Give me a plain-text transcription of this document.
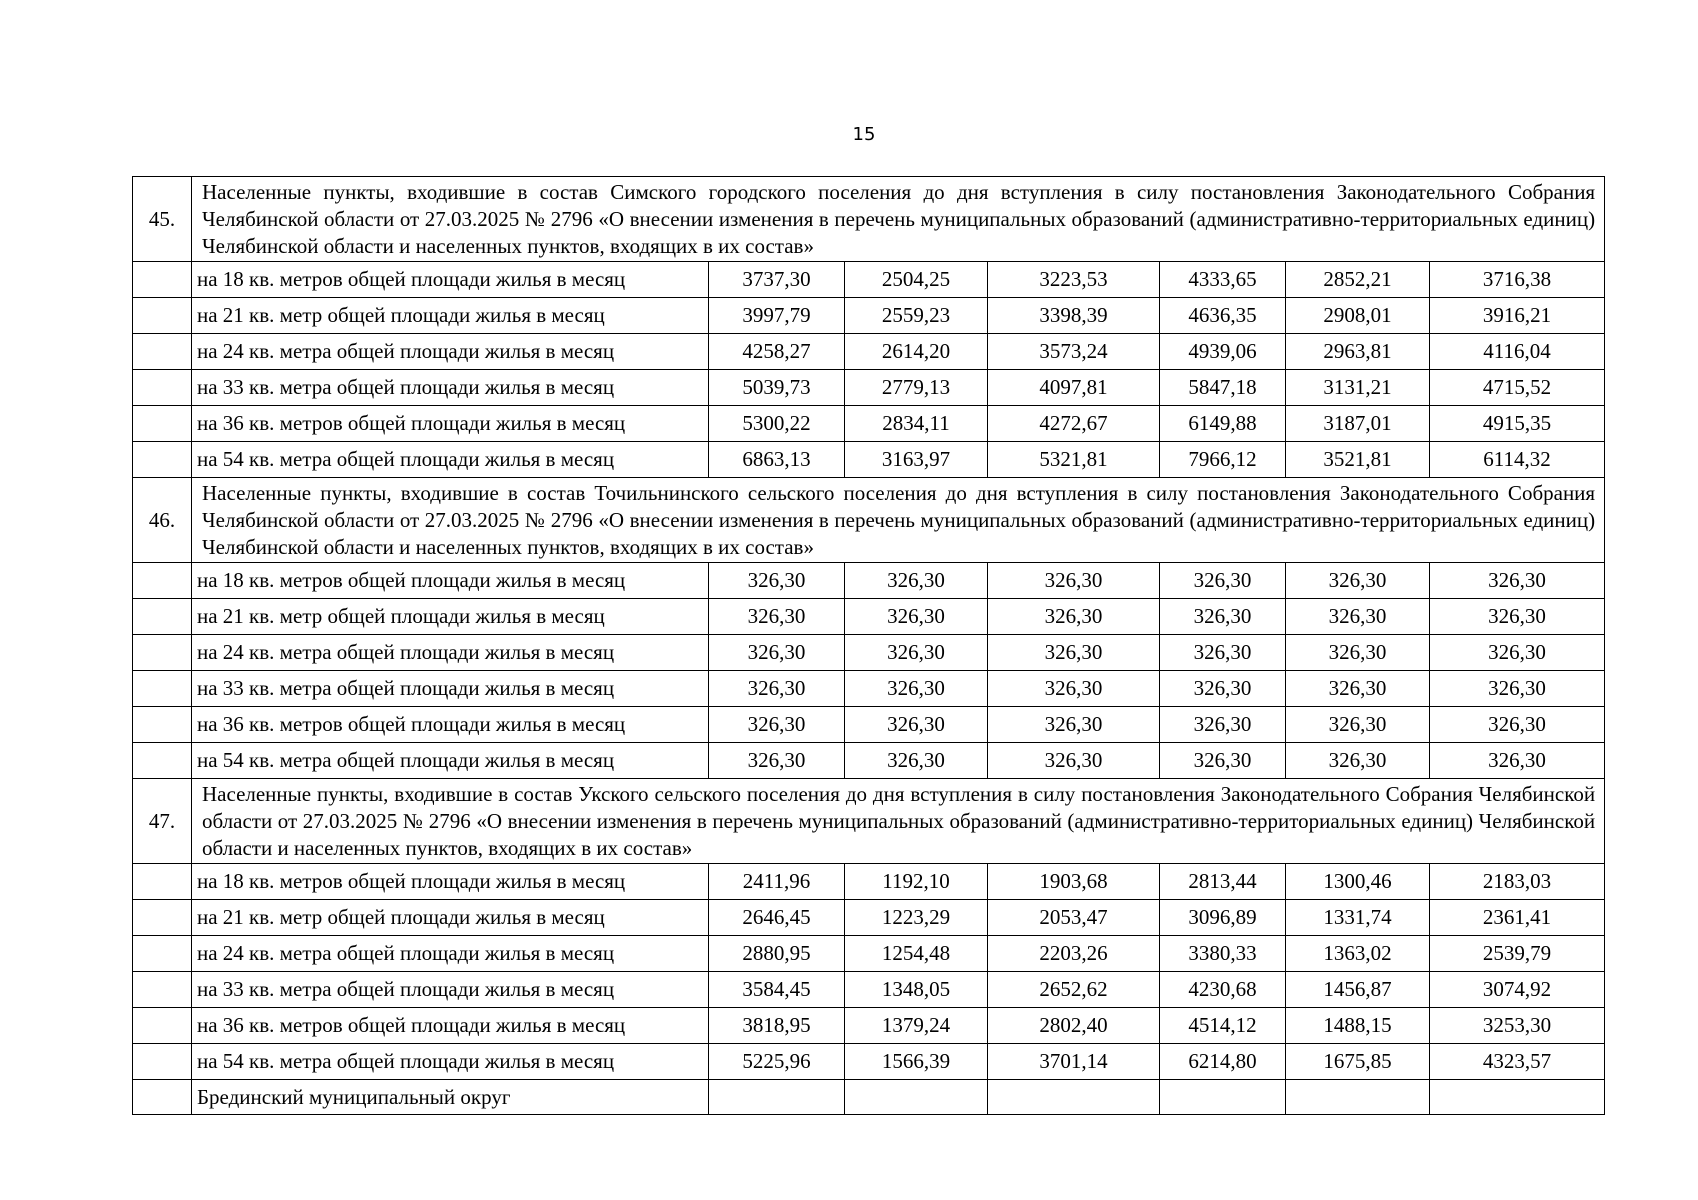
15
45.	Населенные пункты, входившие в состав Симского городского поселения до дня вступления в силу постановления Законодательного Собрания Челябинской области от 27.03.2025 № 2796 «О внесении изменения в перечень муниципальных образований (административно-территориальных единиц) Челябинской области и населенных пунктов, входящих в их состав»						
	на 18 кв. метров общей площади жилья в месяц	3737,30	2504,25	3223,53	4333,65	2852,21	3716,38
	на 21 кв. метр общей площади жилья в месяц	3997,79	2559,23	3398,39	4636,35	2908,01	3916,21
	на 24 кв. метра общей площади жилья в месяц	4258,27	2614,20	3573,24	4939,06	2963,81	4116,04
	на 33 кв. метра общей площади жилья в месяц	5039,73	2779,13	4097,81	5847,18	3131,21	4715,52
	на 36 кв. метров общей площади жилья в месяц	5300,22	2834,11	4272,67	6149,88	3187,01	4915,35
	на 54 кв. метра общей площади жилья в месяц	6863,13	3163,97	5321,81	7966,12	3521,81	6114,32
46.	Населенные пункты, входившие в состав Точильнинского сельского поселения до дня вступления в силу постановления Законодательного Собрания Челябинской области от 27.03.2025 № 2796 «О внесении изменения в перечень муниципальных образований (административно-территориальных единиц) Челябинской области и населенных пунктов, входящих в их состав»						
	на 18 кв. метров общей площади жилья в месяц	326,30	326,30	326,30	326,30	326,30	326,30
	на 21 кв. метр общей площади жилья в месяц	326,30	326,30	326,30	326,30	326,30	326,30
	на 24 кв. метра общей площади жилья в месяц	326,30	326,30	326,30	326,30	326,30	326,30
	на 33 кв. метра общей площади жилья в месяц	326,30	326,30	326,30	326,30	326,30	326,30
	на 36 кв. метров общей площади жилья в месяц	326,30	326,30	326,30	326,30	326,30	326,30
	на 54 кв. метра общей площади жилья в месяц	326,30	326,30	326,30	326,30	326,30	326,30
47.	Населенные пункты, входившие в состав Укского сельского поселения до дня вступления в силу постановления Законодательного Собрания Челябинской области от 27.03.2025 № 2796 «О внесении изменения в перечень муниципальных образований (административно-территориальных единиц) Челябинской области и населенных пунктов, входящих в их состав»						
	на 18 кв. метров общей площади жилья в месяц	2411,96	1192,10	1903,68	2813,44	1300,46	2183,03
	на 21 кв. метр общей площади жилья в месяц	2646,45	1223,29	2053,47	3096,89	1331,74	2361,41
	на 24 кв. метра общей площади жилья в месяц	2880,95	1254,48	2203,26	3380,33	1363,02	2539,79
	на 33 кв. метра общей площади жилья в месяц	3584,45	1348,05	2652,62	4230,68	1456,87	3074,92
	на 36 кв. метров общей площади жилья в месяц	3818,95	1379,24	2802,40	4514,12	1488,15	3253,30
	на 54 кв. метра общей площади жилья в месяц	5225,96	1566,39	3701,14	6214,80	1675,85	4323,57
	Брединский муниципальный округ						
